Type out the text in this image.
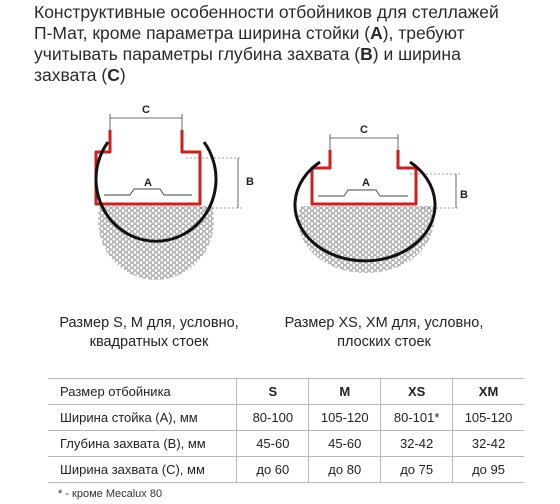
Конструктивные особенности отбойников для стеллажей
П-Мат, кроме параметра ширина стойки (A), требуют
учитывать параметры глубина захвата (B) и ширина
захвата (C)
C
B
A
C
B
A
Размер S, M для, условно,
квадратных стоек
Размер XS, XM для, условно,
плоских стоек
Размер отбойника	S	M	XS	XM
Ширина стойка (А), мм	80-100	105-120	80-101*	105-120
Глубина захвата (В), мм	45-60	45-60	32-42	32-42
Ширина захвата (С), мм	до 60	до 80	до 75	до 95
* - кроме Mecalux 80
